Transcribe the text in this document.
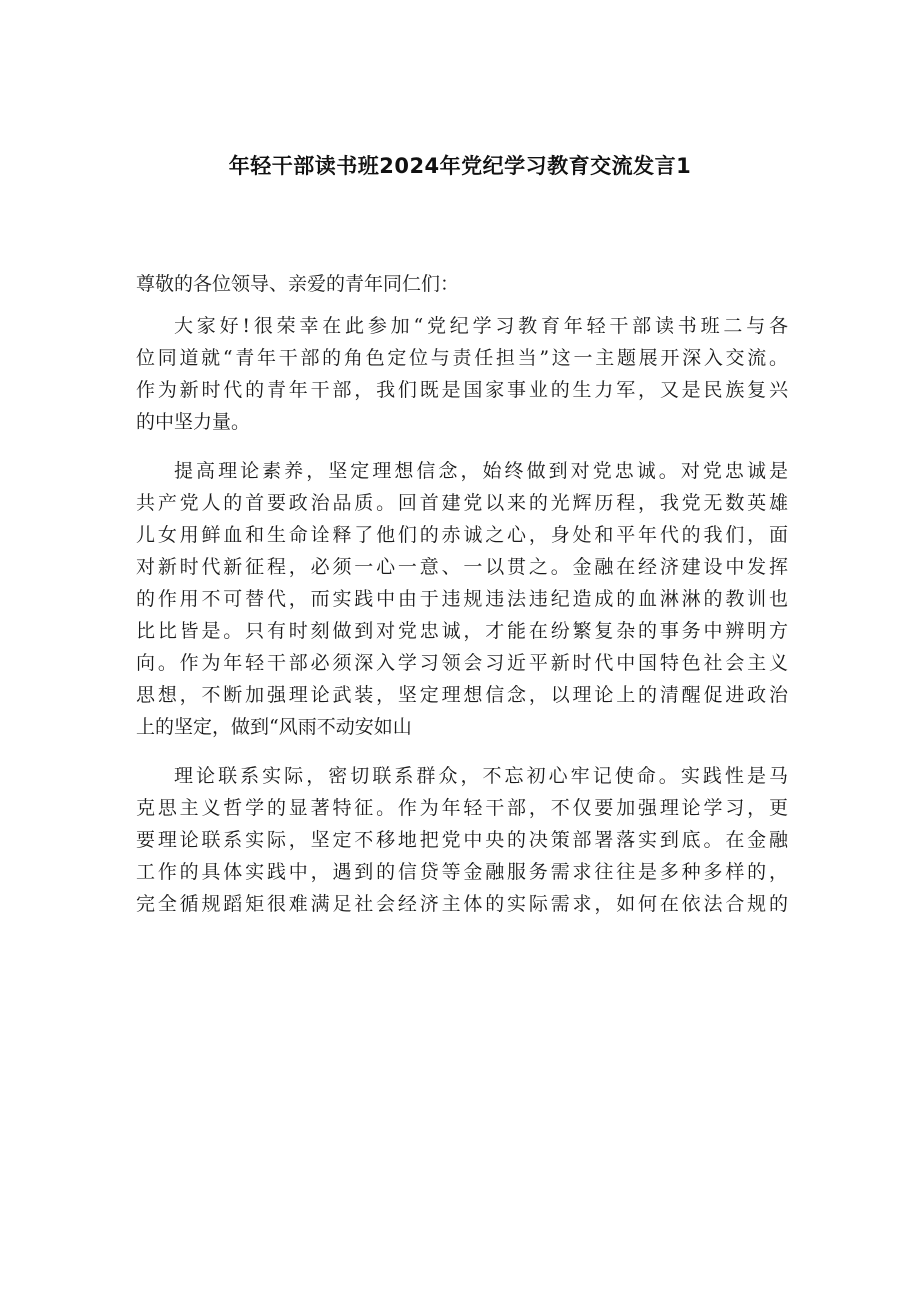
年轻干部读书班2024年党纪学习教育交流发言1
尊敬的各位领导、亲爱的青年同仁们：
大家好!很荣幸在此参加“党纪学习教育年轻干部读书班二与各
位同道就“青年干部的角色定位与责任担当”这一主题展开深入交流。
作为新时代的青年干部，我们既是国家事业的生力军，又是民族复兴
的中坚力量。
提高理论素养，坚定理想信念，始终做到对党忠诚。对党忠诚是
共产党人的首要政治品质。回首建党以来的光辉历程，我党无数英雄
儿女用鲜血和生命诠释了他们的赤诚之心，身处和平年代的我们，面
对新时代新征程，必须一心一意、一以贯之。金融在经济建设中发挥
的作用不可替代，而实践中由于违规违法违纪造成的血淋淋的教训也
比比皆是。只有时刻做到对党忠诚，才能在纷繁复杂的事务中辨明方
向。作为年轻干部必须深入学习领会习近平新时代中国特色社会主义
思想，不断加强理论武装，坚定理想信念，以理论上的清醒促进政治
上的坚定，做到“风雨不动安如山
理论联系实际，密切联系群众，不忘初心牢记使命。实践性是马
克思主义哲学的显著特征。作为年轻干部，不仅要加强理论学习，更
要理论联系实际，坚定不移地把党中央的决策部署落实到底。在金融
工作的具体实践中，遇到的信贷等金融服务需求往往是多种多样的，
完全循规蹈矩很难满足社会经济主体的实际需求，如何在依法合规的
